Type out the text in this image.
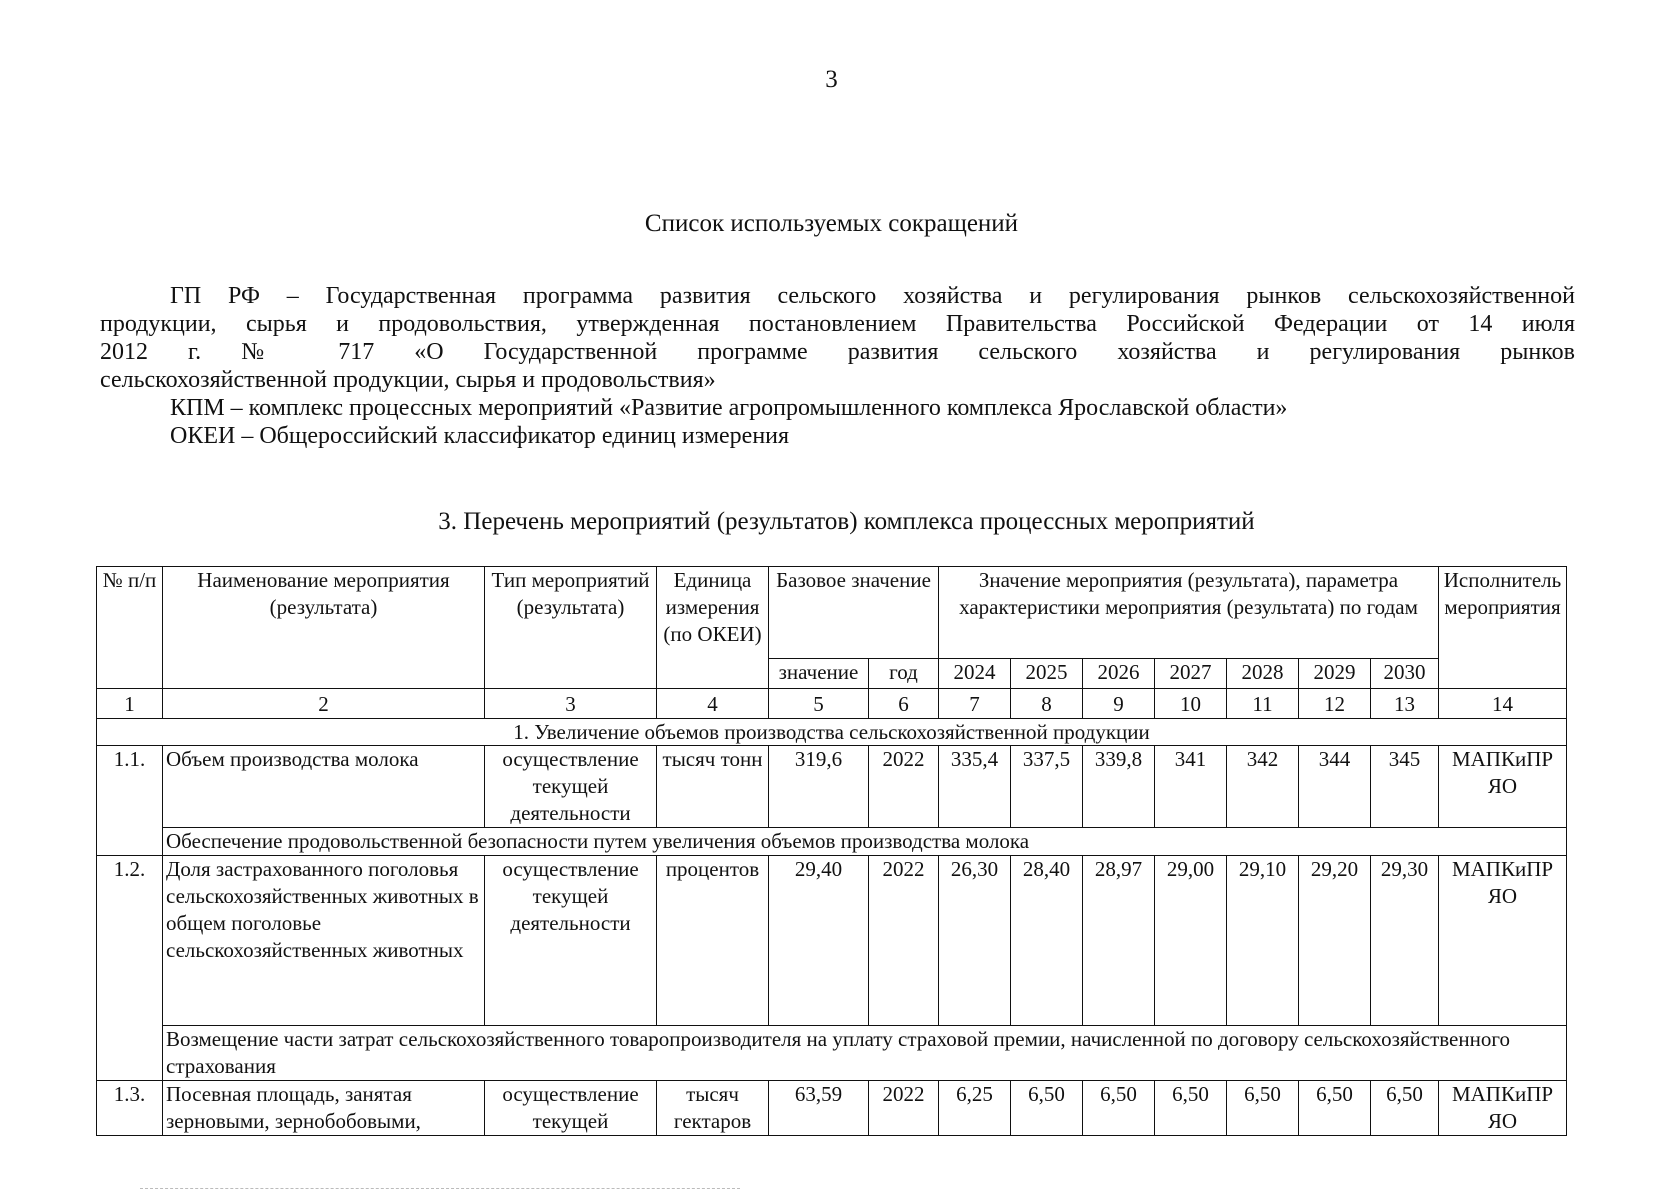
3
Список используемых сокращений

ГП РФ – Государственная программа развития сельского хозяйства и регулирования рынков сельскохозяйственной

продукции, сырья и продовольствия, утвержденная постановлением Правительства Российской Федерации от 14 июля

2012 г. № 717 «О Государственной программе развития сельского хозяйства и регулирования рынков

сельскохозяйственной продукции, сырья и продовольствия»

КПМ – комплекс процессных мероприятий «Развитие агропромышленного комплекса Ярославской области»

ОКЕИ – Общероссийский классификатор единиц измерения

3. Перечень мероприятий (результатов) комплекса процессных мероприятий
№ п/п	Наименование мероприятия (результата)	Тип мероприятий (результата)	Единица измерения (по ОКЕИ)	Базовое значение		Значение мероприятия (результата), параметра характеристики мероприятия (результата) по годам							Исполнитель мероприятия
				значение	год	2024	2025	2026	2027	2028	2029	2030	
1	2	3	4	5	6	7	8	9	10	11	12	13	14
1. Увеличение объемов производства сельскохозяйственной продукции													
1.1.	Объем производства молока	осуществление текущей деятельности	тысяч тонн	319,6	2022	335,4	337,5	339,8	341	342	344	345	МАПКиПР ЯО
	Обеспечение продовольственной безопасности путем увеличения объемов производства молока												
1.2.	Доля застрахованного поголовья сельскохозяйственных животных в общем поголовье сельскохозяйственных животных	осуществление текущей деятельности	процентов	29,40	2022	26,30	28,40	28,97	29,00	29,10	29,20	29,30	МАПКиПР ЯО
	Возмещение части затрат сельскохозяйственного товаропроизводителя на уплату страховой премии, начисленной по договору сельскохозяйственного страхования												
1.3.	Посевная площадь, занятая зерновыми, зернобобовыми,	осуществление текущей	тысяч гектаров	63,59	2022	6,25	6,50	6,50	6,50	6,50	6,50	6,50	МАПКиПР ЯО
